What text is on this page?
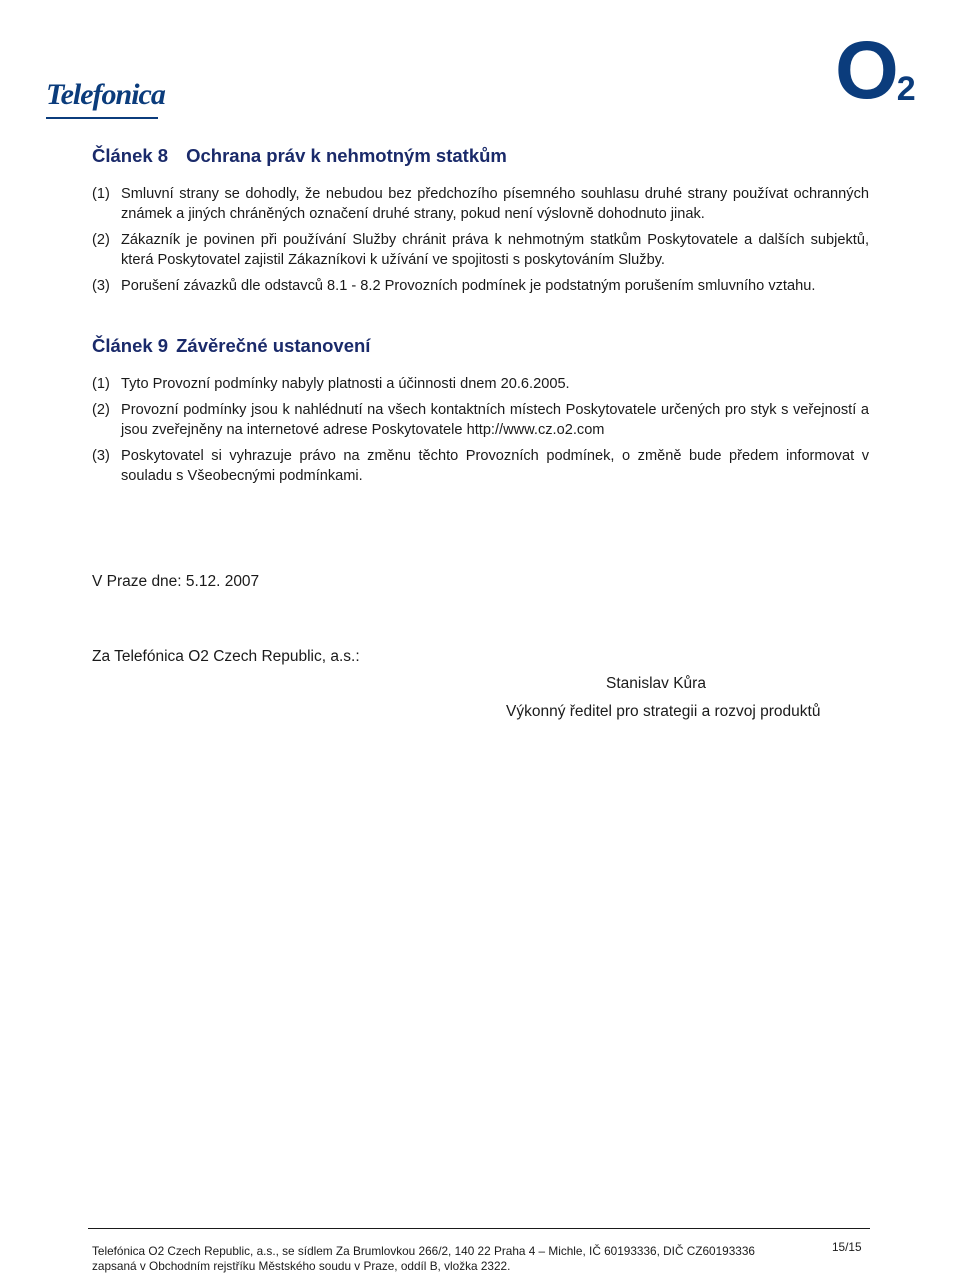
Telefonica	O2
Článek 8 Ochrana práv k nehmotným statkům
(1) Smluvní strany se dohodly, že nebudou bez předchozího písemného souhlasu druhé strany používat ochranných známek a jiných chráněných označení druhé strany, pokud není výslovně dohodnuto jinak.
(2) Zákazník je povinen při používání Služby chránit práva k nehmotným statkům Poskytovatele a dalších subjektů, která Poskytovatel zajistil Zákazníkovi k užívání ve spojitosti s poskytováním Služby.
(3) Porušení závazků dle odstavců 8.1 - 8.2 Provozních podmínek je podstatným porušením smluvního vztahu.
Článek 9 Závěrečné ustanovení
(1) Tyto Provozní podmínky nabyly platnosti a účinnosti dnem 20.6.2005.
(2) Provozní podmínky jsou k nahlédnutí na všech kontaktních místech Poskytovatele určených pro styk s veřejností a jsou zveřejněny na internetové adrese Poskytovatele http://www.cz.o2.com
(3) Poskytovatel si vyhrazuje právo na změnu těchto Provozních podmínek, o změně bude předem informovat v souladu s Všeobecnými podmínkami.
V Praze dne: 5.12. 2007
Za Telefónica O2 Czech Republic, a.s.:
Stanislav Kůra
Výkonný ředitel pro strategii a rozvoj produktů
Telefónica O2 Czech Republic, a.s., se sídlem Za Brumlovkou 266/2, 140 22 Praha 4 – Michle, IČ 60193336, DIČ CZ60193336
zapsaná v Obchodním rejstříku Městského soudu v Praze, oddíl B, vložka 2322.
15/15
